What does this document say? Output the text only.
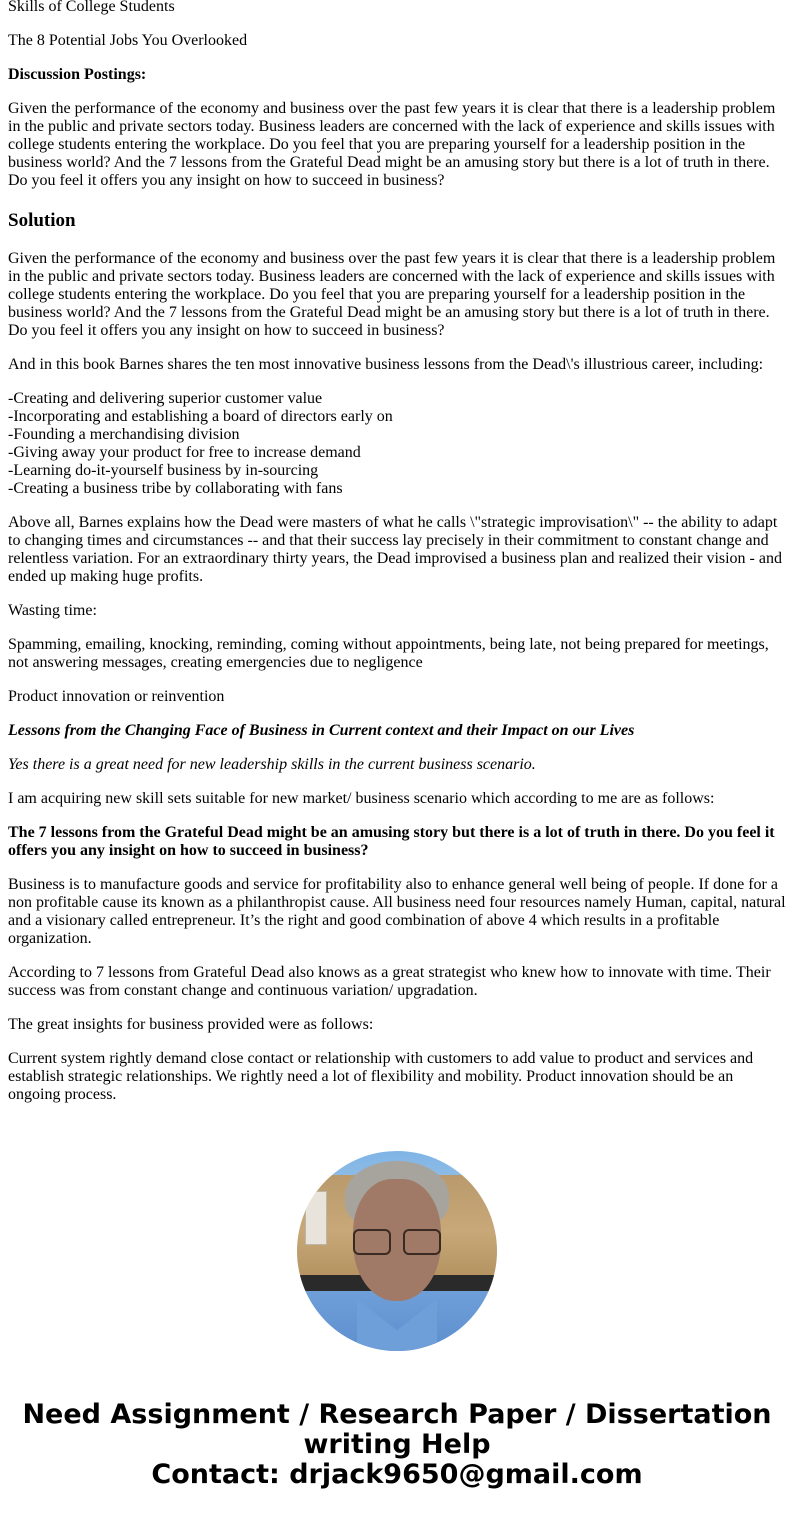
Skills of College Students

The 8 Potential Jobs You Overlooked

Discussion Postings:

Given the performance of the economy and business over the past few years it is clear that there is a leadership problem in the public and private sectors today. Business leaders are concerned with the lack of experience and skills issues with college students entering the workplace. Do you feel that you are preparing yourself for a leadership position in the business world? And the 7 lessons from the Grateful Dead might be an amusing story but there is a lot of truth in there. Do you feel it offers you any insight on how to succeed in business?

Solution

Given the performance of the economy and business over the past few years it is clear that there is a leadership problem in the public and private sectors today. Business leaders are concerned with the lack of experience and skills issues with college students entering the workplace. Do you feel that you are preparing yourself for a leadership position in the business world? And the 7 lessons from the Grateful Dead might be an amusing story but there is a lot of truth in there. Do you feel it offers you any insight on how to succeed in business?

And in this book Barnes shares the ten most innovative business lessons from the Dead\'s illustrious career, including:

-Creating and delivering superior customer value
-Incorporating and establishing a board of directors early on
-Founding a merchandising division
-Giving away your product for free to increase demand
-Learning do-it-yourself business by in-sourcing
-Creating a business tribe by collaborating with fans

Above all, Barnes explains how the Dead were masters of what he calls \"strategic improvisation\" -- the ability to adapt to changing times and circumstances -- and that their success lay precisely in their commitment to constant change and relentless variation. For an extraordinary thirty years, the Dead improvised a business plan and realized their vision - and ended up making huge profits.

Wasting time:

Spamming, emailing, knocking, reminding, coming without appointments, being late, not being prepared for meetings, not answering messages, creating emergencies due to negligence

Product innovation or reinvention

Lessons from the Changing Face of Business in Current context and their Impact on our Lives

Yes there is a great need for new leadership skills in the current business scenario.

I am acquiring new skill sets suitable for new market/ business scenario which according to me are as follows:

The 7 lessons from the Grateful Dead might be an amusing story but there is a lot of truth in there. Do you feel it offers you any insight on how to succeed in business?

Business is to manufacture goods and service for profitability also to enhance general well being of people. If done for a non profitable cause its known as a philanthropist cause. All business need four resources namely Human, capital, natural and a visionary called entrepreneur. It’s the right and good combination of above 4 which results in a profitable organization.

According to 7 lessons from Grateful Dead also knows as a great strategist who knew how to innovate with time. Their success was from constant change and continuous variation/ upgradation.

The great insights for business provided were as follows:

Current system rightly demand close contact or relationship with customers to add value to product and services and establish strategic relationships. We rightly need a lot of flexibility and mobility. Product innovation should be an ongoing process.

Need Assignment / Research Paper / Dissertation writing Help
Contact: drjack9650@gmail.com
